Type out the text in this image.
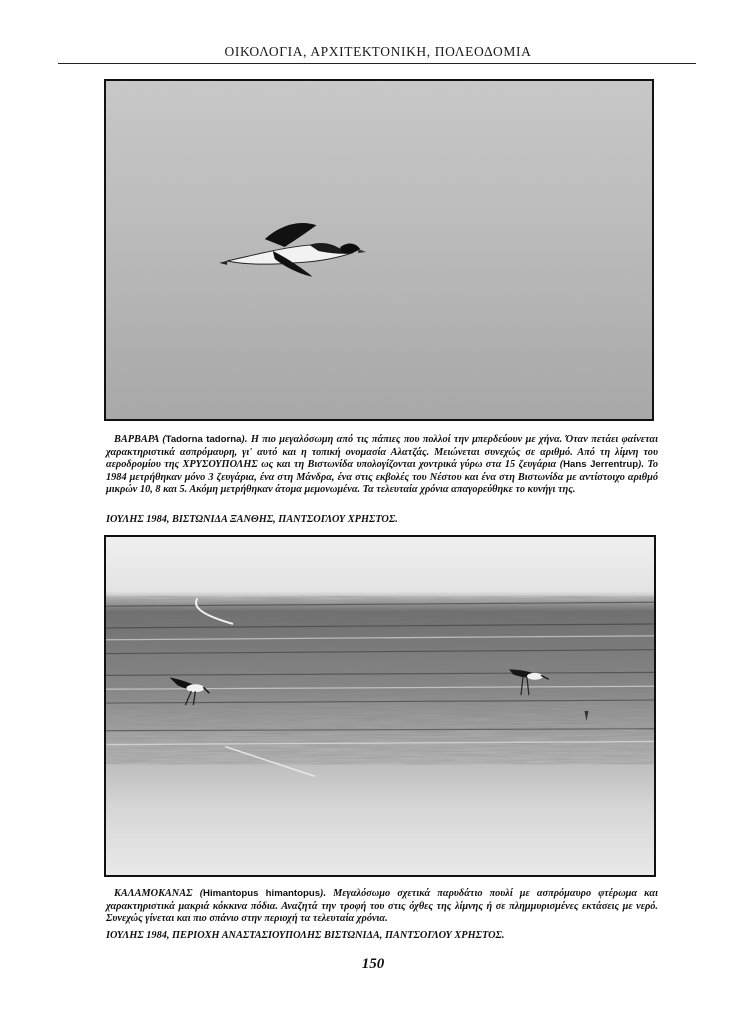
ΟΙΚΟΛΟΓΙΑ, ΑΡΧΙΤΕΚΤΟΝΙΚΗ, ΠΟΛΕΟΔΟΜΙΑ
ΒΑΡΒΑΡΑ (Tadorna tadorna). Η πιο μεγαλόσωμη από τις πάπιες που πολλοί την μπερδεύουν με χήνα. Όταν πετάει φαίνεται χαρακτηριστικά ασπρόμαυρη, γι' αυτό και η τοπική ονομασία Αλατζάς. Μειώνεται συνεχώς σε αριθμό. Από τη λίμνη του αεροδρομίου της ΧΡΥΣΟΥΠΟΛΗΣ ως και τη Βιστωνίδα υπολογίζονται χοντρικά γύρω στα 15 ζευγάρια (Hans Jerrentrup). Το 1984 μετρήθηκαν μόνο 3 ζευγάρια, ένα στη Μάνδρα, ένα στις εκβολές του Νέστου και ένα στη Βιστωνίδα με αντίστοιχο αριθμό μικρών 10, 8 και 5. Ακόμη μετρήθηκαν άτομα μεμονωμένα. Τα τελευταία χρόνια απαγορεύθηκε το κυνήγι της.
ΙΟΥΛΗΣ 1984, ΒΙΣΤΩΝΙΔΑ ΞΑΝΘΗΣ, ΠΑΝΤΣΟΓΛΟΥ ΧΡΗΣΤΟΣ.
ΚΑΛΑΜΟΚΑΝΑΣ (Himantopus himantopus). Μεγαλόσωμο σχετικά παρυδάτιο πουλί με ασπρόμαυρο φτέρωμα και χαρακτηριστικά μακριά κόκκινα πόδια. Αναζητά την τροφή του στις όχθες της λίμνης ή σε πλημμυρισμένες εκτάσεις με νερό. Συνεχώς γίνεται και πιο σπάνιο στην περιοχή τα τελευταία χρόνια.
ΙΟΥΛΗΣ 1984, ΠΕΡΙΟΧΗ ΑΝΑΣΤΑΣΙΟΥΠΟΛΗΣ ΒΙΣΤΩΝΙΔΑ, ΠΑΝΤΣΟΓΛΟΥ ΧΡΗΣΤΟΣ.
150
